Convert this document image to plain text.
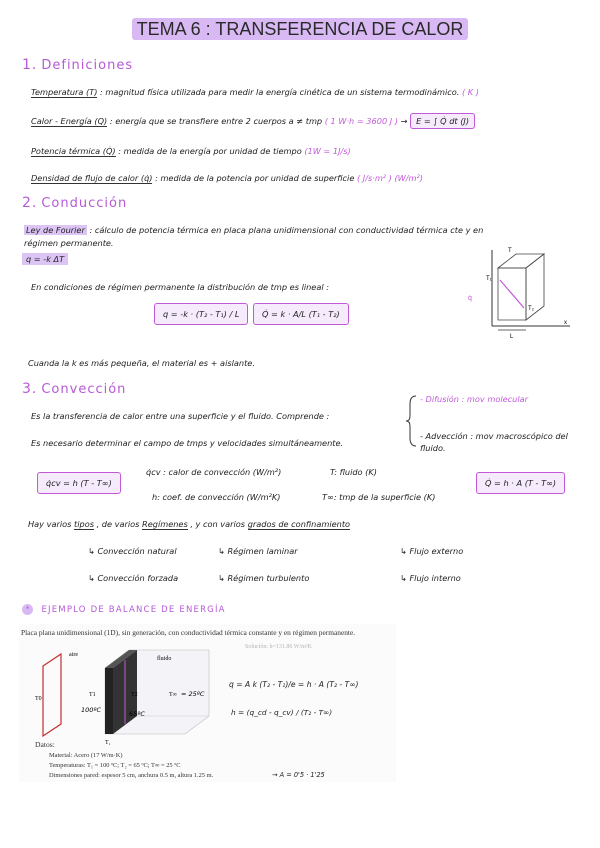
TEMA 6 : TRANSFERENCIA DE CALOR
1. Definiciones
Temperatura (T) : magnitud física utilizada para medir la energía cinética de un sistema termodinámico. ( K )
Calor - Energía (Q) : energía que se transfiere entre 2 cuerpos a ≠ tmp ( 1 W·h = 3600 J ) → E = ∫ Q̇ dt (J)
Potencia térmica (Q̇) : medida de la energía por unidad de tiempo (1W = 1J/s)
Densidad de flujo de calor (q̇) : medida de la potencia por unidad de superficie ( J/s·m² ) (W/m²)
2. Conducción
Ley de Fourier : cálculo de potencia térmica en placa plana unidimensional con conductividad térmica cte y en régimen permanente.
q = -k ΔT
En condiciones de régimen permanente la distribución de tmp es lineal :
q = -k · (T₂ - T₁) / L	Q̇ = k · A/L (T₁ - T₂)
T
T₁
T₂
q̇
L
x
Cuanda la k es más pequeña, el material es + aislante.
3. Convección
Es la transferencia de calor entre una superficie y el fluido. Comprende :
Es necesario determinar el campo de tmps y velocidades simultáneamente.
- Difusión : mov molecular
- Advección : mov macroscópico del fluido.
q̇cv = h (T - T∞)	Q̇ = h · A (T - T∞)
q̇cv : calor de convección (W/m²)	T: fluido (K)
h: coef. de convección (W/m²K)	T∞: tmp de la superficie (K)
Hay varios tipos , de varios Regímenes , y con varios grados de confinamiento
↳ Convección natural	↳ Régimen laminar	↳ Flujo externo
↳ Convección forzada	↳ Régimen turbulento	↳ Flujo interno
* EJEMPLO DE BALANCE DE ENERGÍA
Placa plana unidimensional (1D), sin generación, con conductividad térmica constante y en régimen permanente.
aire
fluido
T0
T1
100ºC
T2
65ºC
T∞ = 25ºC
T₁
Solución: h=131.86 W/m²K
q = A k (T₂ - T₁)/e = h · A (T₂ - T∞)
h = (q_cd - q_cv) / (T₂ - T∞)
Datos:
Material: Acero (17 W/m·K)
Temperaturas: T₁ = 100 ºC; T₂ = 65 ºC; T∞ = 25 ºC
Dimensiones pared: espesor 5 cm, anchura 0.5 m, altura 1.25 m.	→ A = 0'5 · 1'25
